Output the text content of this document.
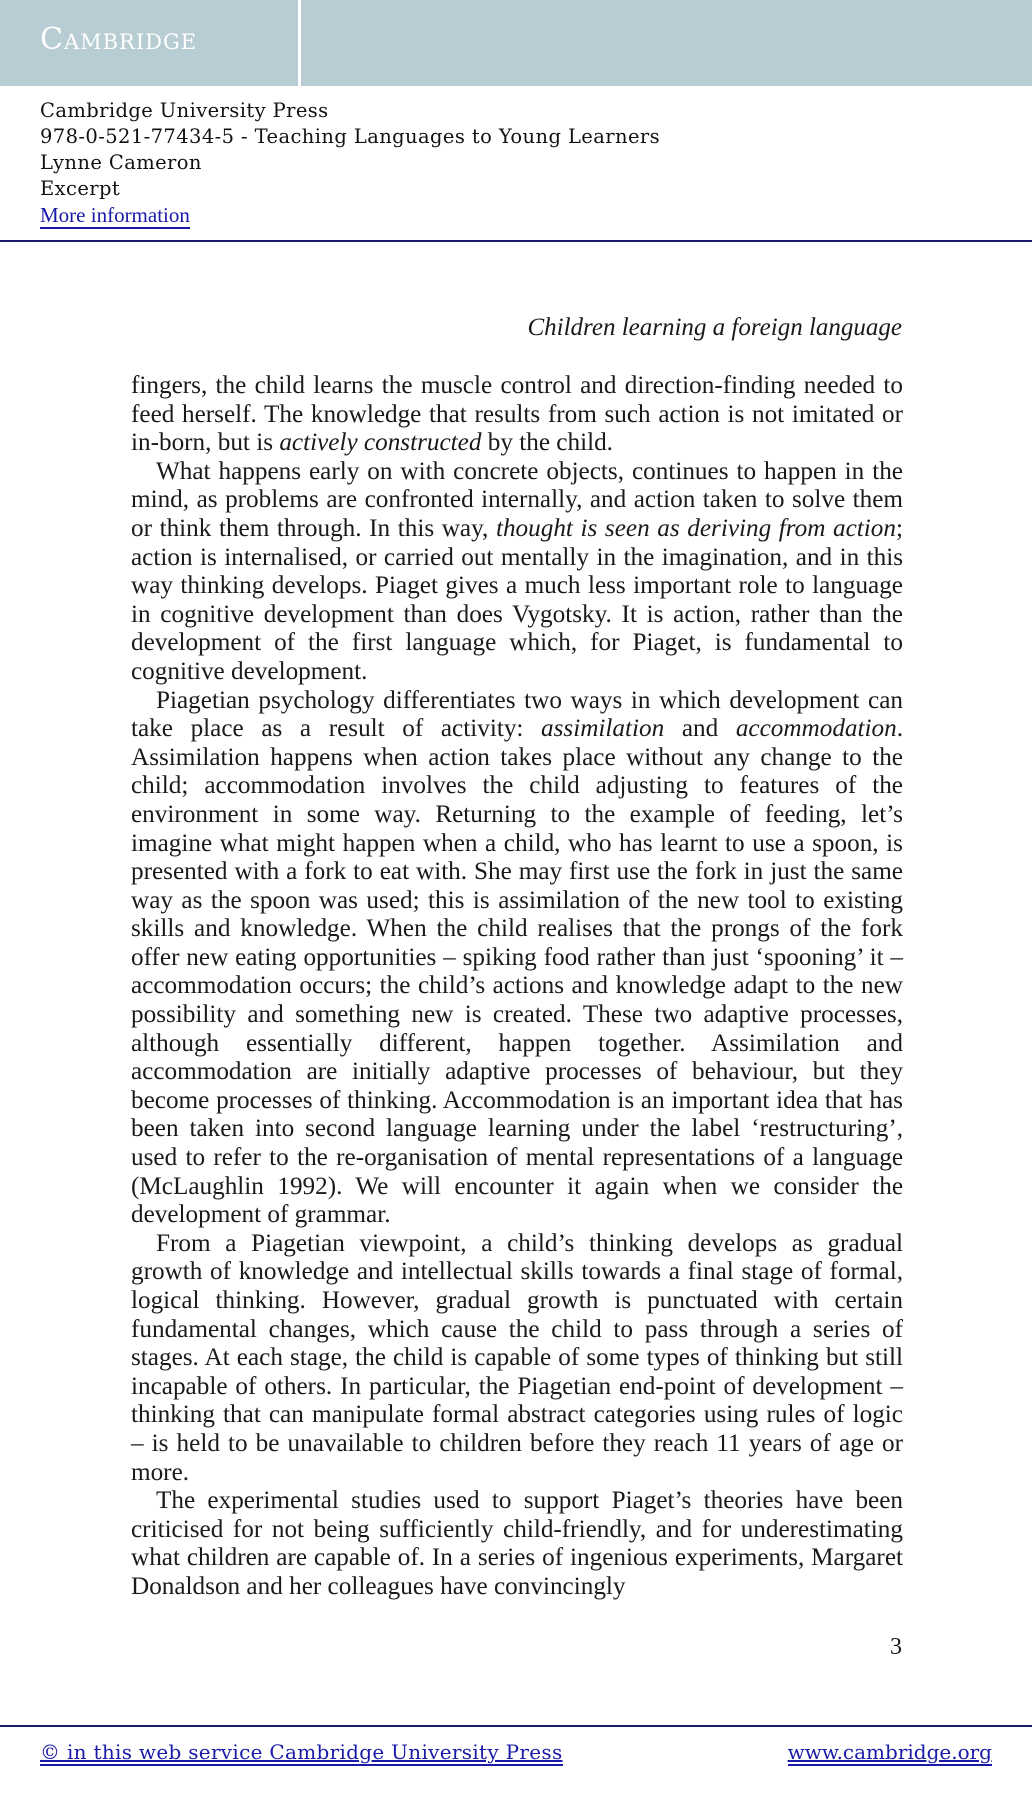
Cambridge
Cambridge University Press
978-0-521-77434-5 - Teaching Languages to Young Learners
Lynne Cameron
Excerpt
More information
Children learning a foreign language

fingers, the child learns the muscle control and direction-finding needed to feed herself. The knowledge that results from such action is not imitated or in-born, but is actively constructed by the child.

What happens early on with concrete objects, continues to happen in the mind, as problems are confronted internally, and action taken to solve them or think them through. In this way, thought is seen as deriving from action; action is internalised, or carried out mentally in the imagination, and in this way thinking develops. Piaget gives a much less important role to language in cognitive development than does Vygotsky. It is action, rather than the development of the first language which, for Piaget, is fundamental to cognitive development.

Piagetian psychology differentiates two ways in which development can take place as a result of activity: assimilation and accommodation. Assimilation happens when action takes place without any change to the child; accommodation involves the child adjusting to features of the environment in some way. Returning to the example of feeding, let’s imagine what might happen when a child, who has learnt to use a spoon, is presented with a fork to eat with. She may first use the fork in just the same way as the spoon was used; this is assimilation of the new tool to existing skills and knowledge. When the child realises that the prongs of the fork offer new eating opportunities – spiking food rather than just ‘spooning’ it – accommodation occurs; the child’s actions and knowledge adapt to the new possibility and something new is created. These two adaptive processes, although essentially different, happen together. Assimilation and accommodation are initially adaptive processes of behaviour, but they become processes of thinking. Accommodation is an important idea that has been taken into second language learning under the label ‘restructuring’, used to refer to the re-organisation of mental representations of a language (McLaughlin 1992). We will encounter it again when we consider the development of grammar.

From a Piagetian viewpoint, a child’s thinking develops as gradual growth of knowledge and intellectual skills towards a final stage of formal, logical thinking. However, gradual growth is punctuated with certain fundamental changes, which cause the child to pass through a series of stages. At each stage, the child is capable of some types of thinking but still incapable of others. In particular, the Piagetian end-point of development – thinking that can manipulate formal abstract categories using rules of logic – is held to be unavailable to children before they reach 11 years of age or more.

The experimental studies used to support Piaget’s theories have been criticised for not being sufficiently child-friendly, and for underestimating what children are capable of. In a series of ingenious experiments, Margaret Donaldson and her colleagues have convincingly

3
© in this web service Cambridge University Press	www.cambridge.org
